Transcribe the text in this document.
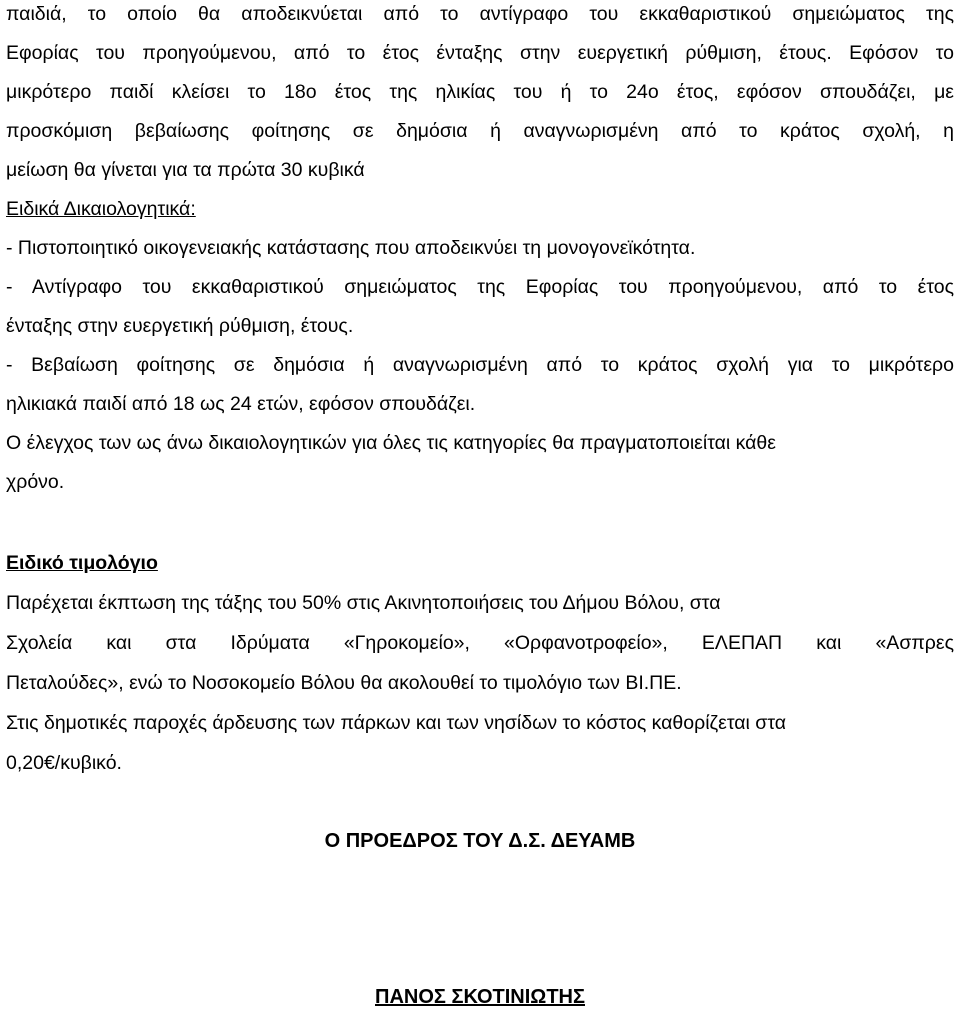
παιδιά, το οποίο θα αποδεικνύεται από το αντίγραφο του εκκαθαριστικού σημειώματος της
Εφορίας του προηγούμενου, από το έτος ένταξης στην ευεργετική ρύθμιση, έτους. Εφόσον το
μικρότερο παιδί κλείσει το 18ο έτος της ηλικίας του ή το 24ο έτος, εφόσον σπουδάζει, με
προσκόμιση βεβαίωσης φοίτησης σε δημόσια ή αναγνωρισμένη από το κράτος σχολή, η
μείωση θα γίνεται για τα πρώτα 30 κυβικά
Ειδικά Δικαιολογητικά:
- Πιστοποιητικό οικογενειακής κατάστασης που αποδεικνύει τη μονογονεϊκότητα.
- Αντίγραφο του εκκαθαριστικού σημειώματος της Εφορίας του προηγούμενου, από το έτος
ένταξης στην ευεργετική ρύθμιση, έτους.
- Βεβαίωση φοίτησης σε δημόσια ή αναγνωρισμένη από το κράτος σχολή για το μικρότερο
ηλικιακά παιδί από 18 ως 24 ετών, εφόσον σπουδάζει.
Ο έλεγχος των ως άνω δικαιολογητικών για όλες τις κατηγορίες θα πραγματοποιείται κάθε
χρόνο.
Ειδικό τιμολόγιο
Παρέχεται έκπτωση της τάξης του 50% στις Ακινητοποιήσεις του Δήμου Βόλου, στα
Σχολεία και στα Ιδρύματα «Γηροκομείο», «Ορφανοτροφείο», ΕΛΕΠΑΠ και «Ασπρες
Πεταλούδες», ενώ το Νοσοκομείο Βόλου θα ακολουθεί το τιμολόγιο των ΒΙ.ΠΕ.
Στις δημοτικές παροχές άρδευσης των πάρκων και των νησίδων το κόστος καθορίζεται στα
0,20€/κυβικό.
Ο ΠΡΟΕΔΡΟΣ ΤΟΥ Δ.Σ. ΔΕΥΑΜΒ
ΠΑΝΟΣ ΣΚΟΤΙΝΙΩΤΗΣ
